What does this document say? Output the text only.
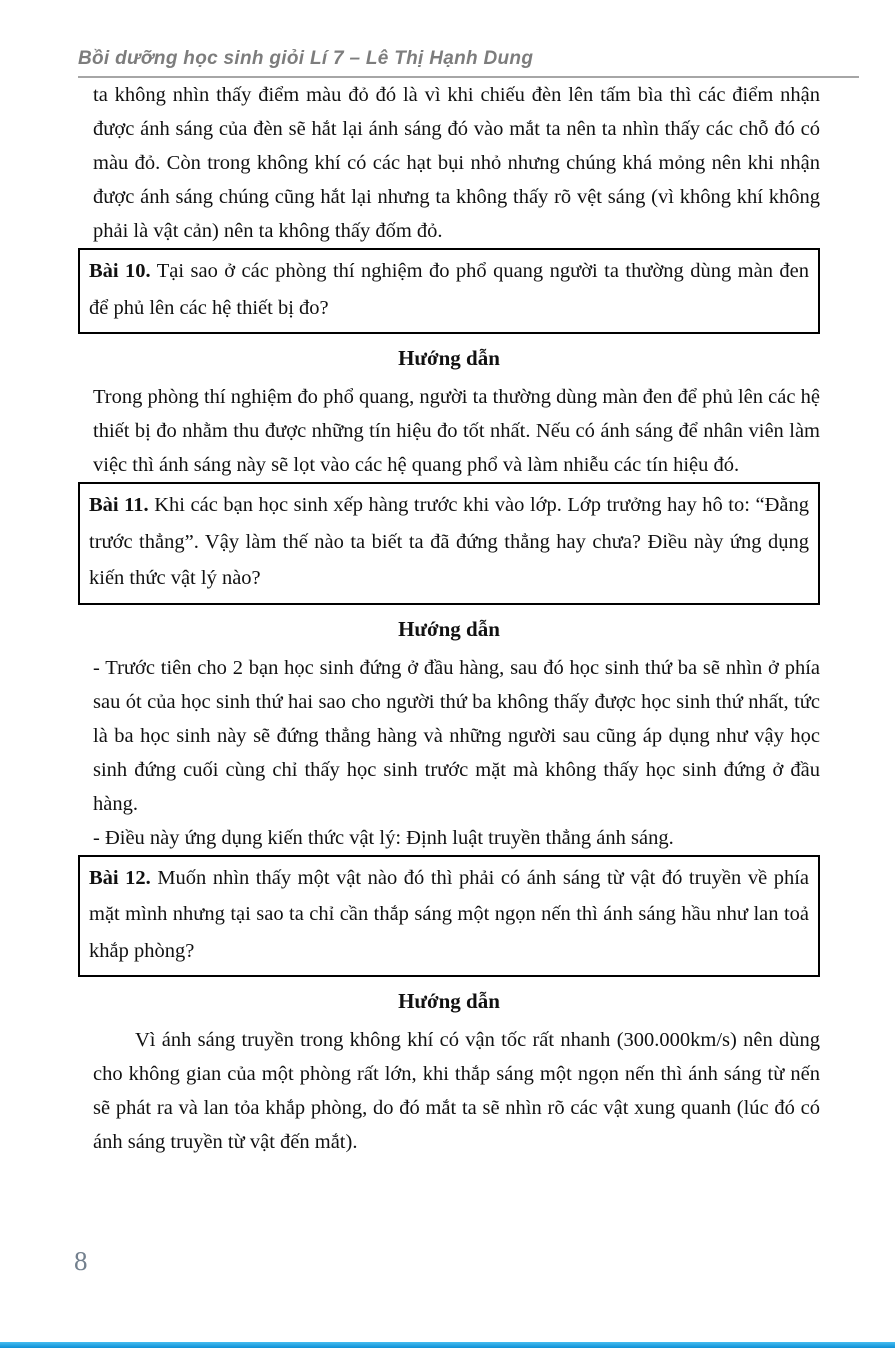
Bồi dưỡng học sinh giỏi Lí 7 – Lê Thị Hạnh Dung

ta không nhìn thấy điểm màu đỏ đó là vì khi chiếu đèn lên tấm bìa thì các điểm nhận được ánh sáng của đèn sẽ hắt lại ánh sáng đó vào mắt ta nên ta nhìn thấy các chỗ đó có màu đỏ. Còn trong không khí có các hạt bụi nhỏ nhưng chúng khá mỏng nên khi nhận được ánh sáng chúng cũng hắt lại nhưng ta không thấy rõ vệt sáng (vì không khí không phải là vật cản) nên ta không thấy đốm đỏ.

Bài 10. Tại sao ở các phòng thí nghiệm đo phổ quang người ta thường dùng màn đen để phủ lên các hệ thiết bị đo?
Hướng dẫn

Trong phòng thí nghiệm đo phổ quang, người ta thường dùng màn đen để phủ lên các hệ thiết bị đo nhằm thu được những tín hiệu đo tốt nhất. Nếu có ánh sáng để nhân viên làm việc thì ánh sáng này sẽ lọt vào các hệ quang phổ và làm nhiễu các tín hiệu đó.

Bài 11. Khi các bạn học sinh xếp hàng trước khi vào lớp. Lớp trưởng hay hô to: “Đằng trước thẳng”. Vậy làm thế nào ta biết ta đã đứng thẳng hay chưa? Điều này ứng dụng kiến thức vật lý nào?
Hướng dẫn

- Trước tiên cho 2 bạn học sinh đứng ở đầu hàng, sau đó học sinh thứ ba sẽ nhìn ở phía sau ót của học sinh thứ hai sao cho người thứ ba không thấy được học sinh thứ nhất, tức là ba học sinh này sẽ đứng thẳng hàng và những người sau cũng áp dụng như vậy học sinh đứng cuối cùng chỉ thấy học sinh trước mặt mà không thấy học sinh đứng ở đầu hàng.

- Điều này ứng dụng kiến thức vật lý: Định luật truyền thẳng ánh sáng.

Bài 12. Muốn nhìn thấy một vật nào đó thì phải có ánh sáng từ vật đó truyền về phía mặt mình nhưng tại sao ta chỉ cần thắp sáng một ngọn nến thì ánh sáng hầu như lan toả khắp phòng?
Hướng dẫn

Vì ánh sáng truyền trong không khí có vận tốc rất nhanh (300.000km/s) nên dùng cho không gian của một phòng rất lớn, khi thắp sáng một ngọn nến thì ánh sáng từ nến sẽ phát ra và lan tỏa khắp phòng, do đó mắt ta sẽ nhìn rõ các vật xung quanh (lúc đó có ánh sáng truyền từ vật đến mắt).

8
